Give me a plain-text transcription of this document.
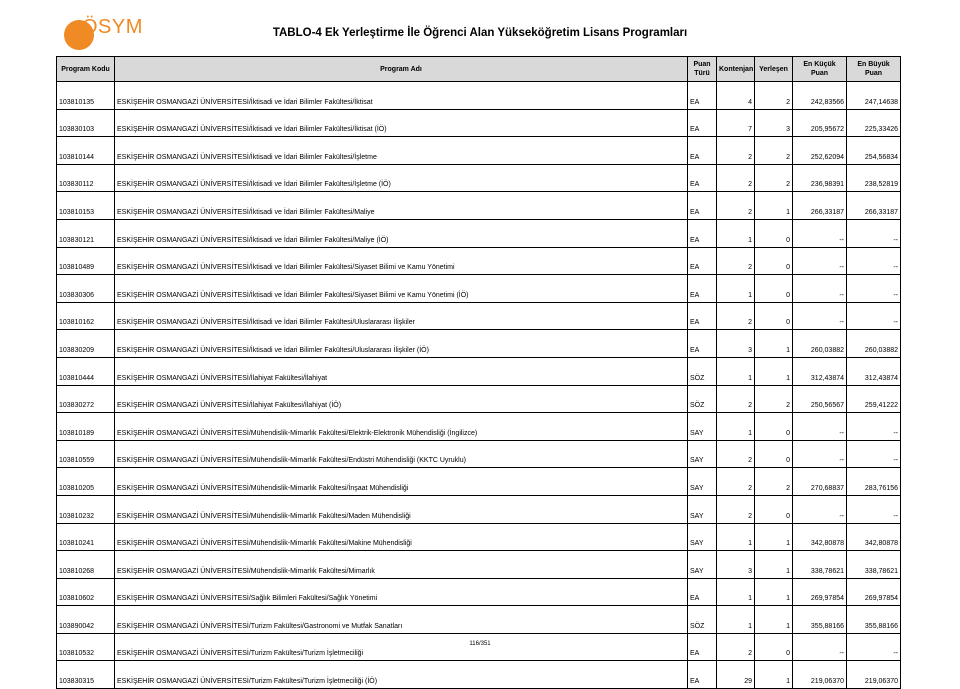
ÖSYM	TABLO-4 Ek Yerleştirme İle Öğrenci Alan Yükseköğretim Lisans Programları
Program Kodu	Program Adı	Puan Türü	Kontenjan	Yerleşen	En Küçük Puan	En Büyük Puan
103810135	ESKİŞEHİR OSMANGAZİ ÜNİVERSİTESİ/İktisadi ve İdari Bilimler Fakültesi/İktisat	EA	4	2	242,83566	247,14638
103830103	ESKİŞEHİR OSMANGAZİ ÜNİVERSİTESİ/İktisadi ve İdari Bilimler Fakültesi/İktisat (İÖ)	EA	7	3	205,95672	225,33426
103810144	ESKİŞEHİR OSMANGAZİ ÜNİVERSİTESİ/İktisadi ve İdari Bilimler Fakültesi/İşletme	EA	2	2	252,62094	254,56834
103830112	ESKİŞEHİR OSMANGAZİ ÜNİVERSİTESİ/İktisadi ve İdari Bilimler Fakültesi/İşletme (İÖ)	EA	2	2	236,98391	238,52819
103810153	ESKİŞEHİR OSMANGAZİ ÜNİVERSİTESİ/İktisadi ve İdari Bilimler Fakültesi/Maliye	EA	2	1	266,33187	266,33187
103830121	ESKİŞEHİR OSMANGAZİ ÜNİVERSİTESİ/İktisadi ve İdari Bilimler Fakültesi/Maliye (İÖ)	EA	1	0	--	--
103810489	ESKİŞEHİR OSMANGAZİ ÜNİVERSİTESİ/İktisadi ve İdari Bilimler Fakültesi/Siyaset Bilimi ve Kamu Yönetimi	EA	2	0	--	--
103830306	ESKİŞEHİR OSMANGAZİ ÜNİVERSİTESİ/İktisadi ve İdari Bilimler Fakültesi/Siyaset Bilimi ve Kamu Yönetimi (İÖ)	EA	1	0	--	--
103810162	ESKİŞEHİR OSMANGAZİ ÜNİVERSİTESİ/İktisadi ve İdari Bilimler Fakültesi/Uluslararası İlişkiler	EA	2	0	--	--
103830209	ESKİŞEHİR OSMANGAZİ ÜNİVERSİTESİ/İktisadi ve İdari Bilimler Fakültesi/Uluslararası İlişkiler (İÖ)	EA	3	1	260,03882	260,03882
103810444	ESKİŞEHİR OSMANGAZİ ÜNİVERSİTESİ/İlahiyat Fakültesi/İlahiyat	SÖZ	1	1	312,43874	312,43874
103830272	ESKİŞEHİR OSMANGAZİ ÜNİVERSİTESİ/İlahiyat Fakültesi/İlahiyat (İÖ)	SÖZ	2	2	250,56567	259,41222
103810189	ESKİŞEHİR OSMANGAZİ ÜNİVERSİTESİ/Mühendislik-Mimarlık Fakültesi/Elektrik-Elektronik Mühendisliği (İngilizce)	SAY	1	0	--	--
103810559	ESKİŞEHİR OSMANGAZİ ÜNİVERSİTESİ/Mühendislik-Mimarlık Fakültesi/Endüstri Mühendisliği (KKTC Uyruklu)	SAY	2	0	--	--
103810205	ESKİŞEHİR OSMANGAZİ ÜNİVERSİTESİ/Mühendislik-Mimarlık Fakültesi/İnşaat Mühendisliği	SAY	2	2	270,68837	283,76156
103810232	ESKİŞEHİR OSMANGAZİ ÜNİVERSİTESİ/Mühendislik-Mimarlık Fakültesi/Maden Mühendisliği	SAY	2	0	--	--
103810241	ESKİŞEHİR OSMANGAZİ ÜNİVERSİTESİ/Mühendislik-Mimarlık Fakültesi/Makine Mühendisliği	SAY	1	1	342,80878	342,80878
103810268	ESKİŞEHİR OSMANGAZİ ÜNİVERSİTESİ/Mühendislik-Mimarlık Fakültesi/Mimarlık	SAY	3	1	338,78621	338,78621
103810602	ESKİŞEHİR OSMANGAZİ ÜNİVERSİTESİ/Sağlık Bilimleri Fakültesi/Sağlık Yönetimi	EA	1	1	269,97854	269,97854
103890042	ESKİŞEHİR OSMANGAZİ ÜNİVERSİTESİ/Turizm Fakültesi/Gastronomi ve Mutfak Sanatları	SÖZ	1	1	355,88166	355,88166
103810532	ESKİŞEHİR OSMANGAZİ ÜNİVERSİTESİ/Turizm Fakültesi/Turizm İşletmeciliği	EA	2	0	--	--
103830315	ESKİŞEHİR OSMANGAZİ ÜNİVERSİTESİ/Turizm Fakültesi/Turizm İşletmeciliği (İÖ)	EA	29	1	219,06370	219,06370
116/351
